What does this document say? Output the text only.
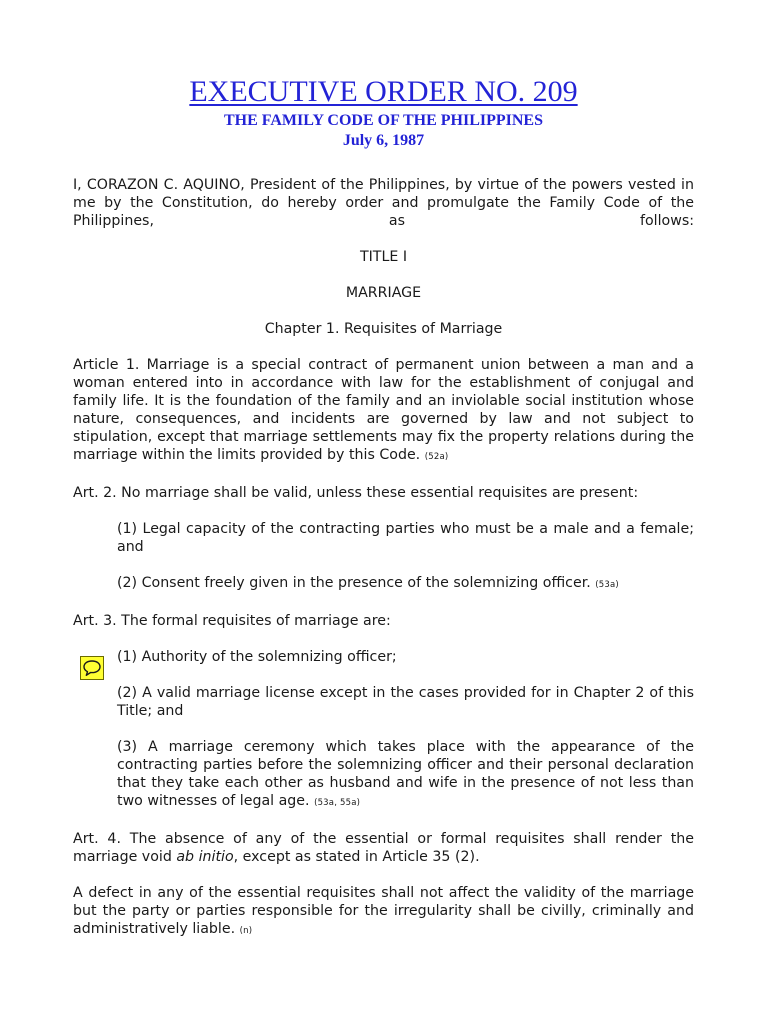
EXECUTIVE ORDER NO. 209
THE FAMILY CODE OF THE PHILIPPINES
July 6, 1987

I, CORAZON C. AQUINO, President of the Philippines, by virtue of the powers vested in me by the Constitution, do hereby order and promulgate the Family Code of the Philippines, as follows:

TITLE I

MARRIAGE

Chapter 1. Requisites of Marriage

Article 1. Marriage is a special contract of permanent union between a man and a woman entered into in accordance with law for the establishment of conjugal and family life. It is the foundation of the family and an inviolable social institution whose nature, consequences, and incidents are governed by law and not subject to stipulation, except that marriage settlements may fix the property relations during the marriage within the limits provided by this Code. (52a)

Art. 2. No marriage shall be valid, unless these essential requisites are present:

(1) Legal capacity of the contracting parties who must be a male and a female; and

(2) Consent freely given in the presence of the solemnizing officer. (53a)

Art. 3. The formal requisites of marriage are:

(1) Authority of the solemnizing officer;

(2) A valid marriage license except in the cases provided for in Chapter 2 of this Title; and

(3) A marriage ceremony which takes place with the appearance of the contracting parties before the solemnizing officer and their personal declaration that they take each other as husband and wife in the presence of not less than two witnesses of legal age. (53a, 55a)

Art. 4. The absence of any of the essential or formal requisites shall render the marriage void ab initio, except as stated in Article 35 (2).

A defect in any of the essential requisites shall not affect the validity of the marriage but the party or parties responsible for the irregularity shall be civilly, criminally and administratively liable. (n)
